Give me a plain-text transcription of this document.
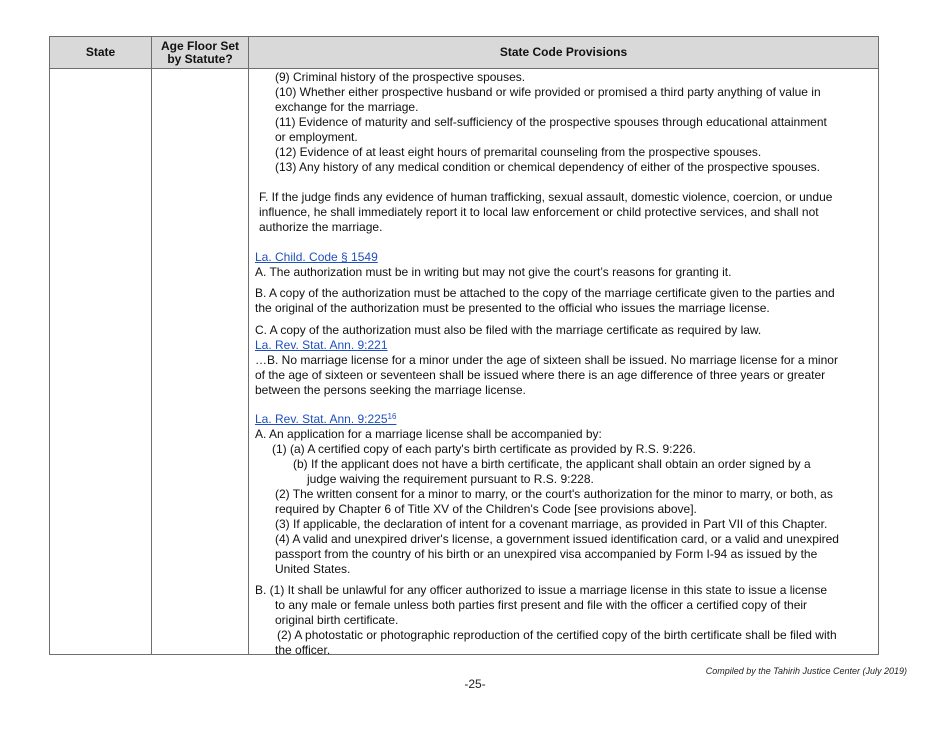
State	Age Floor Set
by Statute?	State Code Provisions
(9) Criminal history of the prospective spouses.
(10) Whether either prospective husband or wife provided or promised a third party anything of value in
exchange for the marriage.
(11) Evidence of maturity and self-sufficiency of the prospective spouses through educational attainment
or employment.
(12) Evidence of at least eight hours of premarital counseling from the prospective spouses.
(13) Any history of any medical condition or chemical dependency of either of the prospective spouses.
F. If the judge finds any evidence of human trafficking, sexual assault, domestic violence, coercion, or undue
influence, he shall immediately report it to local law enforcement or child protective services, and shall not
authorize the marriage.
La. Child. Code § 1549
A. The authorization must be in writing but may not give the court’s reasons for granting it.
B. A copy of the authorization must be attached to the copy of the marriage certificate given to the parties and
the original of the authorization must be presented to the official who issues the marriage license.
C. A copy of the authorization must also be filed with the marriage certificate as required by law.
La. Rev. Stat. Ann. 9:221
…B. No marriage license for a minor under the age of sixteen shall be issued. No marriage license for a minor
of the age of sixteen or seventeen shall be issued where there is an age difference of three years or greater
between the persons seeking the marriage license.
La. Rev. Stat. Ann. 9:225$^{16}$
A. An application for a marriage license shall be accompanied by:
(1) (a) A certified copy of each party's birth certificate as provided by R.S. 9:226.
(b) If the applicant does not have a birth certificate, the applicant shall obtain an order signed by a
judge waiving the requirement pursuant to R.S. 9:228.
(2) The written consent for a minor to marry, or the court's authorization for the minor to marry, or both, as
required by Chapter 6 of Title XV of the Children's Code [see provisions above].
(3) If applicable, the declaration of intent for a covenant marriage, as provided in Part VII of this Chapter.
(4) A valid and unexpired driver's license, a government issued identification card, or a valid and unexpired
passport from the country of his birth or an unexpired visa accompanied by Form I-94 as issued by the
United States.
B. (1) It shall be unlawful for any officer authorized to issue a marriage license in this state to issue a license
to any male or female unless both parties first present and file with the officer a certified copy of their
original birth certificate.
(2) A photostatic or photographic reproduction of the certified copy of the birth certificate shall be filed with
the officer.
Compiled by the Tahirih Justice Center (July 2019)
-25-
